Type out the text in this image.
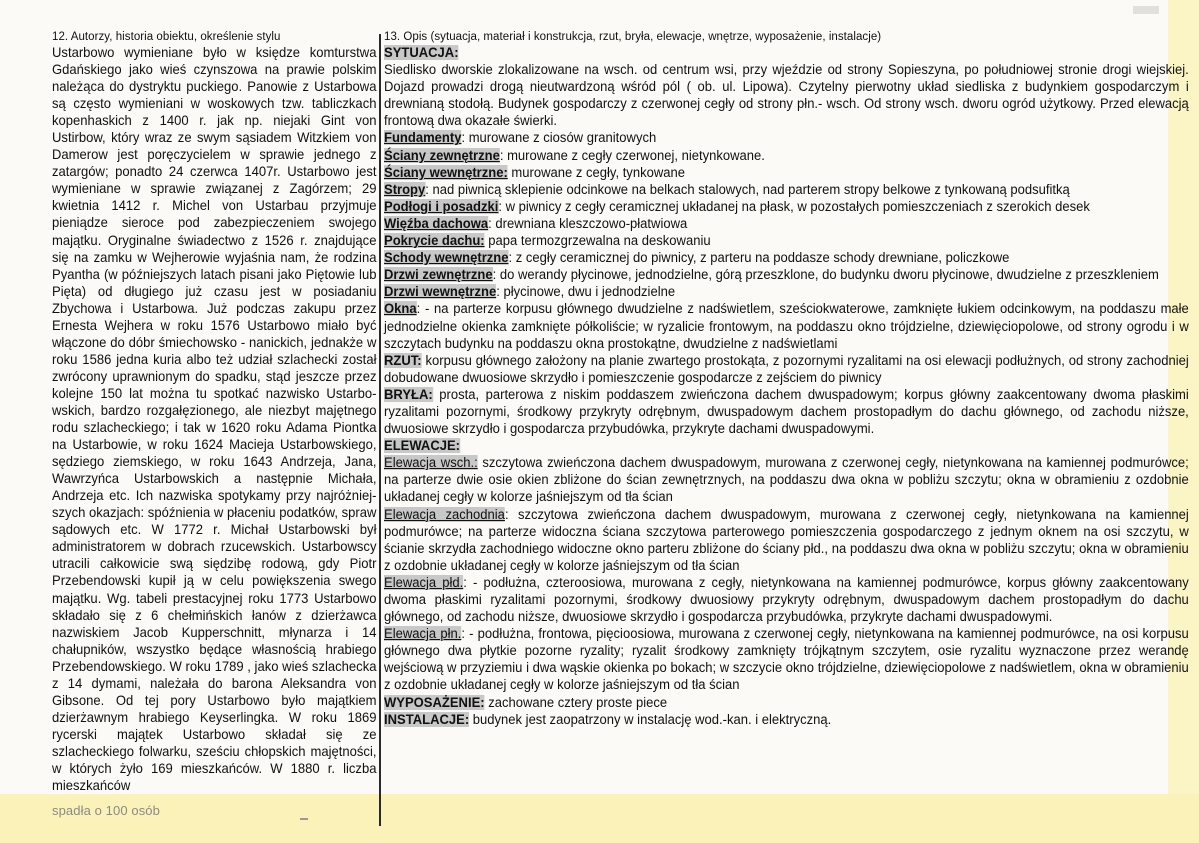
12. Autorzy, historia obiektu, określenie stylu
Ustarbowo wymieniane było w księdze komturstwa Gdańskiego jako wieś czynszowa na prawie polskim należąca do dystryktu puckiego. Panowie z Ustarbowa są często wymieniani w woskowych tzw. tabliczkach kopenhaskich z 1400 r. jak np. niejaki Gint von Ustirbow, który wraz ze swym sąsiadem Witzkiem von Damerow jest poręczycielem w sprawie jednego z zatargów; ponadto 24 czerwca 1407r. Ustarbowo jest wymieniane w sprawie związanej z Zagórzem; 29 kwietnia 1412 r. Michel von Ustarbau przyjmuje pieniądze sieroce pod zabezpieczeniem swojego majątku. Oryginalne świadectwo z 1526 r. znajdujące się na zamku w Wejherowie wyjaśnia nam, że rodzina Pyantha (w późniejszych latach pisani jako Piętowie lub Pięta) od długiego już czasu jest w posiadaniu Zbychowa i Ustarbowa. Już podczas zakupu przez Ernesta Wejhera w roku 1576 Ustarbowo miało być włączone do dóbr śmiechowsko - nanickich, jednakże w roku 1586 jedna kuria albo też udział szlachecki został zwrócony uprawnionym do spadku, stąd jeszcze przez kolejne 150 lat można tu spotkać nazwisko Ustarbo-wskich, bardzo rozgałęzionego, ale niezbyt majętnego rodu szlacheckiego; i tak w 1620 roku Adama Piontka na Ustarbowie, w roku 1624 Macieja Ustarbowskiego, sędziego ziemskiego, w roku 1643 Andrzeja, Jana, Wawrzyńca Ustarbowskich a następnie Michała, Andrzeja etc. Ich nazwiska spotykamy przy najróżniej-szych okazjach: spóźnienia w płaceniu podatków, spraw sądowych etc. W 1772 r. Michał Ustarbowski był administratorem w dobrach rzucewskich. Ustarbowscy utracili całkowicie swą siędzibę rodową, gdy Piotr Przebendowski kupił ją w celu powiększenia swego majątku. Wg. tabeli prestacyjnej roku 1773 Ustarbowo składało się z 6 chełmińskich łanów z dzierżawca nazwiskiem Jacob Kupperschnitt, młynarza i 14 chałupników, wszystko będące własnością hrabiego Przebendowskiego. W roku 1789 , jako wieś szlachecka z 14 dymami, należała do barona Aleksandra von Gibsone. Od tej pory Ustarbowo było majątkiem dzierżawnym hrabiego Keyserlingka. W roku 1869 rycerski majątek Ustarbowo składał się ze szlacheckiego folwarku, sześciu chłopskich majętności, w których żyło 169 mieszkańców. W 1880 r. liczba mieszkańców
spadła o 100 osób
13. Opis (sytuacja, materiał i konstrukcja, rzut, bryła, elewacje, wnętrze, wyposażenie, instalacje)

SYTUACJA:
Siedlisko dworskie zlokalizowane na wsch. od centrum wsi, przy wjeździe od strony Sopieszyna, po południowej stronie drogi wiejskiej. Dojazd prowadzi drogą nieutwardzoną wśród pól ( ob. ul. Lipowa). Czytelny pierwotny układ siedliska z budynkiem gospodarczym i drewnianą stodołą. Budynek gospodarczy z czerwonej cegły od strony płn.- wsch. Od strony wsch. dworu ogród użytkowy. Przed elewacją frontową dwa okazałe świerki.

Fundamenty: murowane z ciosów granitowych

Ściany zewnętrzne: murowane z cegły czerwonej, nietynkowane.

Ściany wewnętrzne: murowane z cegły, tynkowane

Stropy: nad piwnicą sklepienie odcinkowe na belkach stalowych, nad parterem stropy belkowe z tynkowaną podsufitką

Podłogi i posadzki: w piwnicy z cegły ceramicznej układanej na płask, w pozostałych pomieszczeniach z szerokich desek

Więźba dachowa: drewniana kleszczowo-płatwiowa

Pokrycie dachu: papa termozgrzewalna na deskowaniu

Schody wewnętrzne: z cegły ceramicznej do piwnicy, z parteru na poddasze schody drewniane, policzkowe

Drzwi zewnętrzne: do werandy płycinowe, jednodzielne, górą przeszklone, do budynku dworu płycinowe, dwudzielne z przeszkleniem

Drzwi wewnętrzne: płycinowe, dwu i jednodzielne

Okna: - na parterze korpusu głównego dwudzielne z nadświetlem, sześciokwaterowe, zamknięte łukiem odcinkowym, na poddaszu małe jednodzielne okienka zamknięte półkoliście; w ryzalicie frontowym, na poddaszu okno trójdzielne, dziewięciopolowe, od strony ogrodu i w szczytach budynku na poddaszu okna prostokątne, dwudzielne z nadświetlami

RZUT: korpusu głównego założony na planie zwartego prostokąta, z pozornymi ryzalitami na osi elewacji podłużnych, od strony zachodniej dobudowane dwuosiowe skrzydło i pomieszczenie gospodarcze z zejściem do piwnicy

BRYŁA: prosta, parterowa z niskim poddaszem zwieńczona dachem dwuspadowym; korpus główny zaakcentowany dwoma płaskimi ryzalitami pozornymi, środkowy przykryty odrębnym, dwuspadowym dachem prostopadłym do dachu głównego, od zachodu niższe, dwuosiowe skrzydło i gospodarcza przybudówka, przykryte dachami dwuspadowymi.

ELEWACJE:

Elewacja wsch.: szczytowa zwieńczona dachem dwuspadowym, murowana z czerwonej cegły, nietynkowana na kamiennej podmurówce; na parterze dwie osie okien zbliżone do ścian zewnętrznych, na poddaszu dwa okna w pobliżu szczytu; okna w obramieniu z ozdobnie układanej cegły w kolorze jaśniejszym od tła ścian

Elewacja zachodnia: szczytowa zwieńczona dachem dwuspadowym, murowana z czerwonej cegły, nietynkowana na kamiennej podmurówce; na parterze widoczna ściana szczytowa parterowego pomieszczenia gospodarczego z jednym oknem na osi szczytu, w ścianie skrzydła zachodniego widoczne okno parteru zbliżone do ściany płd., na poddaszu dwa okna w pobliżu szczytu; okna w obramieniu z ozdobnie układanej cegły w kolorze jaśniejszym od tła ścian

Elewacja płd.: - podłużna, czteroosiowa, murowana z cegły, nietynkowana na kamiennej podmurówce, korpus główny zaakcentowany dwoma płaskimi ryzalitami pozornymi, środkowy dwuosiowy przykryty odrębnym, dwuspadowym dachem prostopadłym do dachu głównego, od zachodu niższe, dwuosiowe skrzydło i gospodarcza przybudówka, przykryte dachami dwuspadowymi.

Elewacja płn.: - podłużna, frontowa, pięcioosiowa, murowana z czerwonej cegły, nietynkowana na kamiennej podmurówce, na osi korpusu głównego dwa płytkie pozorne ryzality; ryzalit środkowy zamknięty trójkątnym szczytem, osie ryzalitu wyznaczone przez werandę wejściową w przyziemiu i dwa wąskie okienka po bokach; w szczycie okno trójdzielne, dziewięciopolowe z nadświetlem, okna w obramieniu z ozdobnie układanej cegły w kolorze jaśniejszym od tła ścian

WYPOSAŻENIE: zachowane cztery proste piece

INSTALACJE: budynek jest zaopatrzony w instalację wod.-kan. i elektryczną.
